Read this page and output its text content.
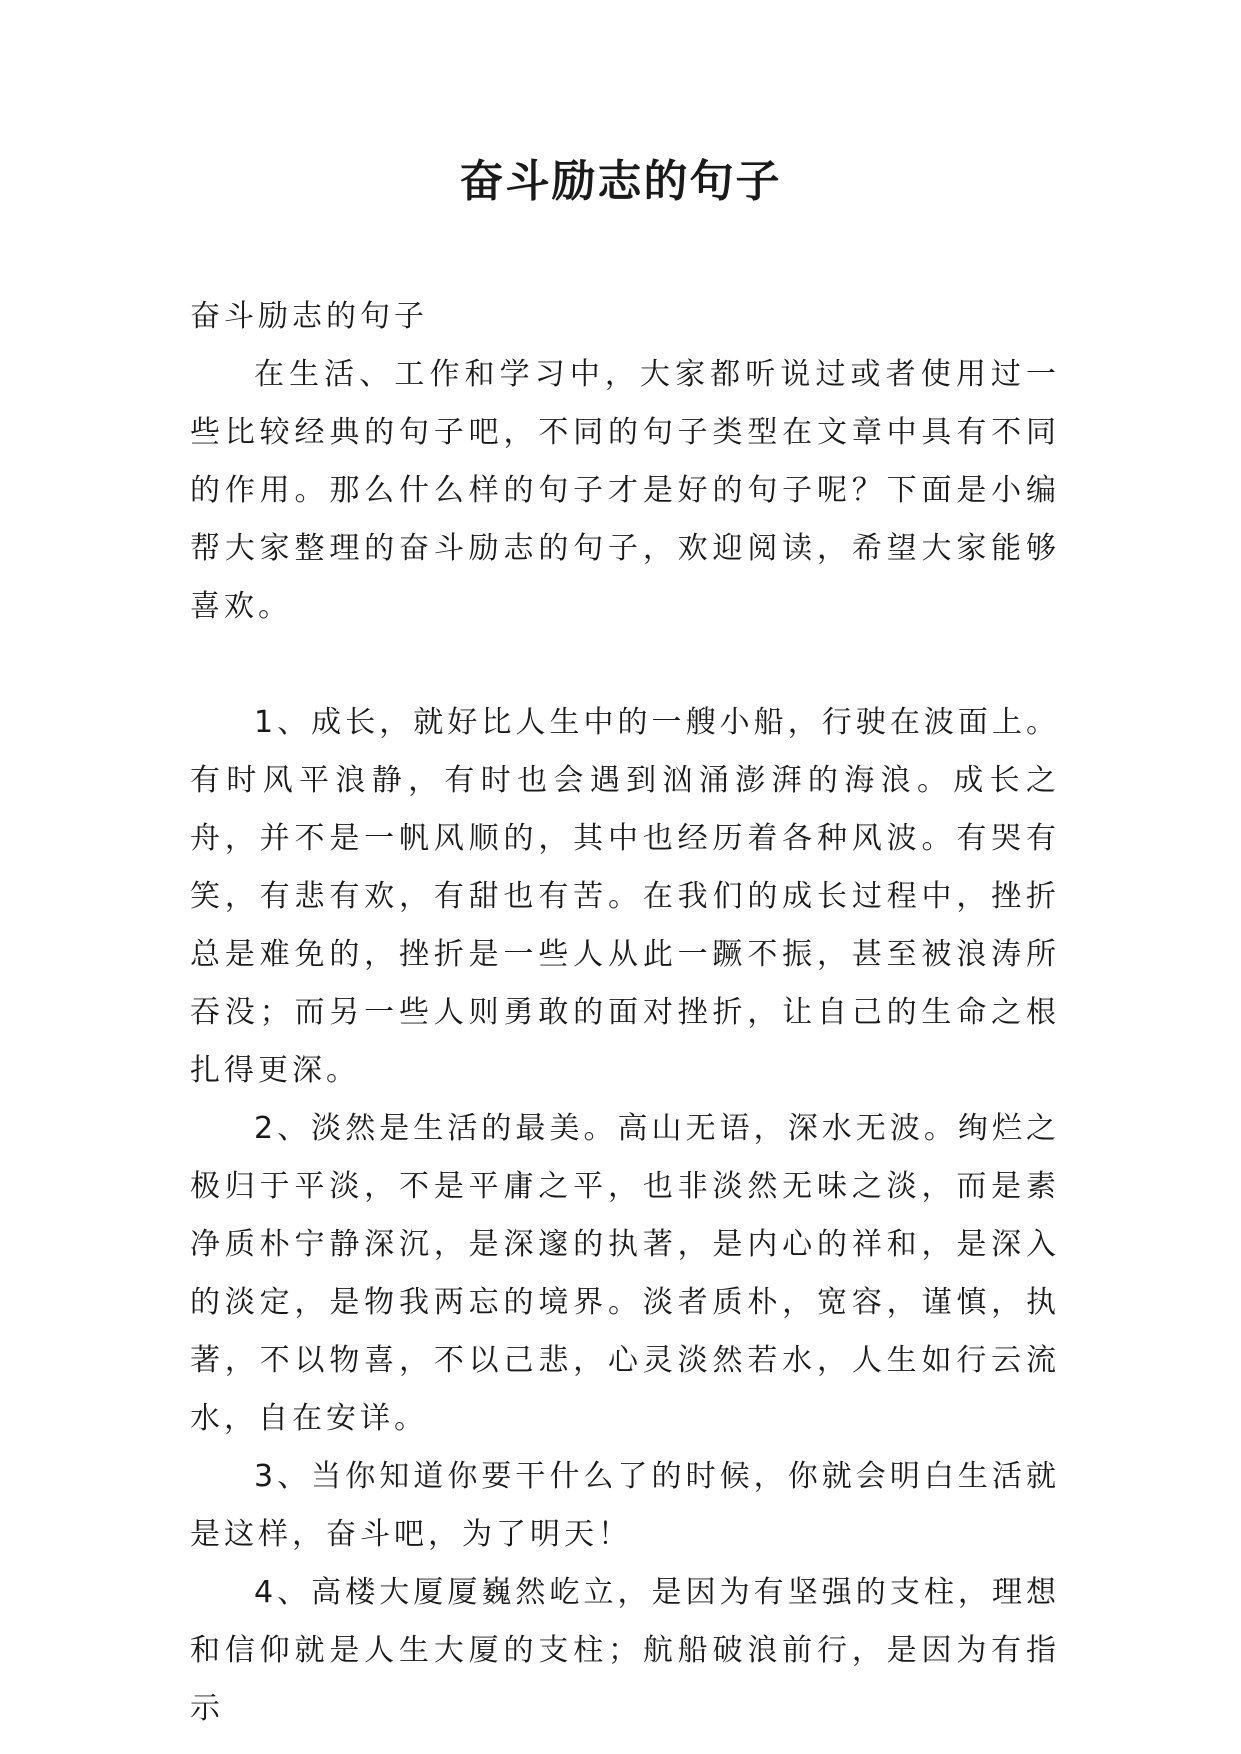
奋斗励志的句子

奋斗励志的句子

在生活、工作和学习中，大家都听说过或者使用过一些比较经典的句子吧，不同的句子类型在文章中具有不同的作用。那么什么样的句子才是好的句子呢？下面是小编帮大家整理的奋斗励志的句子，欢迎阅读，希望大家能够喜欢。

1、成长，就好比人生中的一艘小船，行驶在波面上。有时风平浪静，有时也会遇到汹涌澎湃的海浪。成长之舟，并不是一帆风顺的，其中也经历着各种风波。有哭有笑，有悲有欢，有甜也有苦。在我们的成长过程中，挫折总是难免的，挫折是一些人从此一蹶不振，甚至被浪涛所吞没；而另一些人则勇敢的面对挫折，让自己的生命之根扎得更深。

2、淡然是生活的最美。高山无语，深水无波。绚烂之极归于平淡，不是平庸之平，也非淡然无味之淡，而是素净质朴宁静深沉，是深邃的执著，是内心的祥和，是深入的淡定，是物我两忘的境界。淡者质朴，宽容，谨慎，执著，不以物喜，不以己悲，心灵淡然若水，人生如行云流水，自在安详。

3、当你知道你要干什么了的时候，你就会明白生活就是这样，奋斗吧，为了明天！

4、高楼大厦厦巍然屹立，是因为有坚强的支柱，理想和信仰就是人生大厦的支柱；航船破浪前行，是因为有指示
